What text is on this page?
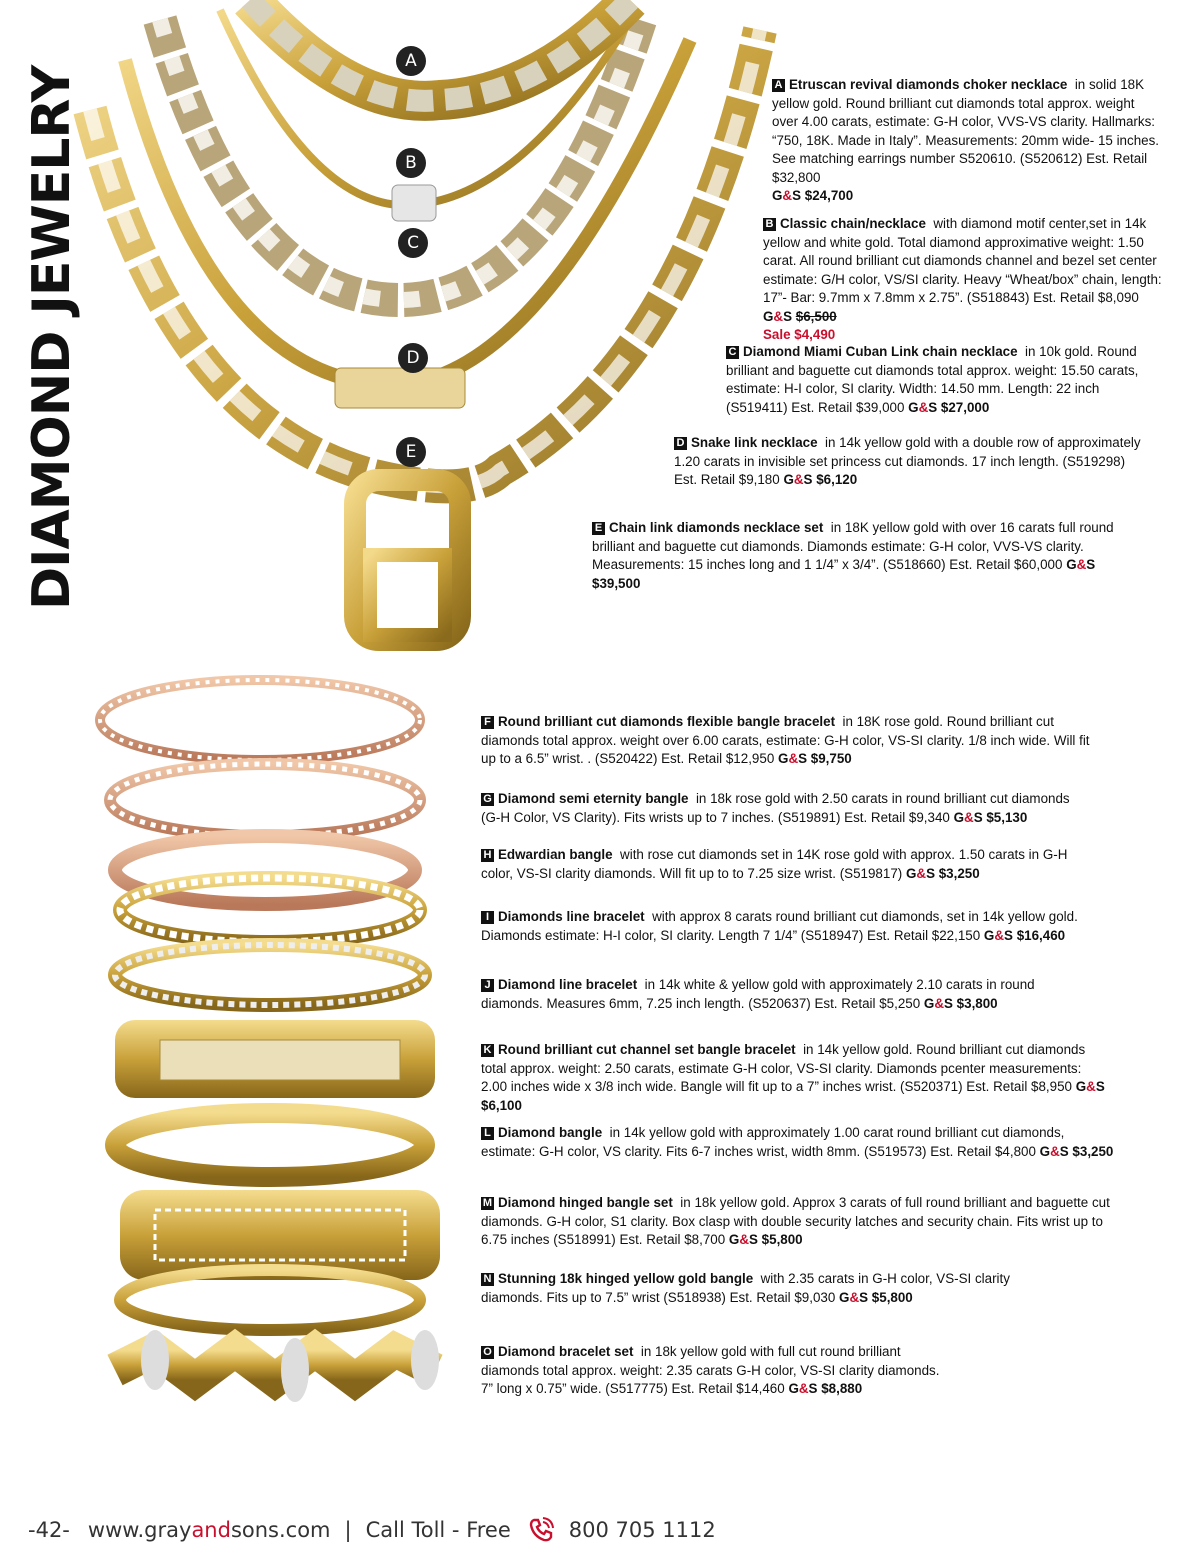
DIAMOND JEWELRY
A
B
C
D
E
A Etruscan revival diamonds choker necklace in solid 18K yellow gold. Round brilliant cut diamonds total approx. weight over 4.00 carats, estimate: G-H color, VVS-VS clarity. Hallmarks: “750, 18K. Made in Italy”. Measurements: 20mm wide- 15 inches. See matching earrings number S520610. (S520612) Est. Retail $32,800
G&S $24,700
B Classic chain/necklace with diamond motif center,set in 14k yellow and white gold. Total diamond approximative weight: 1.50 carat. All round brilliant cut diamonds channel and bezel set center estimate: G/H color, VS/SI clarity. Heavy “Wheat/box” chain, length: 17”- Bar: 9.7mm x 7.8mm x 2.75”. (S518843) Est. Retail $8,090 G&S $6,500
Sale $4,490
C Diamond Miami Cuban Link chain necklace in 10k gold. Round brilliant and baguette cut diamonds total approx. weight: 15.50 carats, estimate: H-I color, SI clarity. Width: 14.50 mm. Length: 22 inch (S519411) Est. Retail $39,000 G&S $27,000
D Snake link necklace in 14k yellow gold with a double row of approximately 1.20 carats in invisible set princess cut diamonds. 17 inch length. (S519298) Est. Retail $9,180 G&S $6,120
E Chain link diamonds necklace set in 18K yellow gold with over 16 carats full round brilliant and baguette cut diamonds. Diamonds estimate: G-H color, VVS-VS clarity. Measurements: 15 inches long and 1 1/4” x 3/4”. (S518660) Est. Retail $60,000 G&S $39,500
F Round brilliant cut diamonds flexible bangle bracelet in 18K rose gold. Round brilliant cut diamonds total approx. weight over 6.00 carats, estimate: G-H color, VS-SI clarity. 1/8 inch wide. Will fit up to a 6.5” wrist. . (S520422) Est. Retail $12,950 G&S $9,750
G Diamond semi eternity bangle in 18k rose gold with 2.50 carats in round brilliant cut diamonds (G-H Color, VS Clarity). Fits wrists up to 7 inches. (S519891) Est. Retail $9,340 G&S $5,130
H Edwardian bangle with rose cut diamonds set in 14K rose gold with approx. 1.50 carats in G-H color, VS-SI clarity diamonds. Will fit up to to 7.25 size wrist. (S519817) G&S $3,250
I Diamonds line bracelet with approx 8 carats round brilliant cut diamonds, set in 14k yellow gold. Diamonds estimate: H-I color, SI clarity. Length 7 1/4” (S518947) Est. Retail $22,150 G&S $16,460
J Diamond line bracelet in 14k white & yellow gold with approximately 2.10 carats in round diamonds. Measures 6mm, 7.25 inch length. (S520637) Est. Retail $5,250 G&S $3,800
K Round brilliant cut channel set bangle bracelet in 14k yellow gold. Round brilliant cut diamonds total approx. weight: 2.50 carats, estimate G-H color, VS-SI clarity. Diamonds pcenter measurements: 2.00 inches wide x 3/8 inch wide. Bangle will fit up to a 7” inches wrist. (S520371) Est. Retail $8,950 G&S $6,100
L Diamond bangle in 14k yellow gold with approximately 1.00 carat round brilliant cut diamonds, estimate: G-H color, VS clarity. Fits 6-7 inches wrist, width 8mm. (S519573) Est. Retail $4,800 G&S $3,250
M Diamond hinged bangle set in 18k yellow gold. Approx 3 carats of full round brilliant and baguette cut diamonds. G-H color, S1 clarity. Box clasp with double security latches and security chain. Fits wrist up to 6.75 inches (S518991) Est. Retail $8,700 G&S $5,800
N Stunning 18k hinged yellow gold bangle with 2.35 carats in G-H color, VS-SI clarity diamonds. Fits up to 7.5” wrist (S518938) Est. Retail $9,030 G&S $5,800
O Diamond bracelet set in 18k yellow gold with full cut round brilliant diamonds total approx. weight: 2.35 carats G-H color, VS-SI clarity diamonds. 7” long x 0.75” wide. (S517775) Est. Retail $14,460 G&S $8,880
-42- www.grayandsons.com | Call Toll - Free	800 705 1112
